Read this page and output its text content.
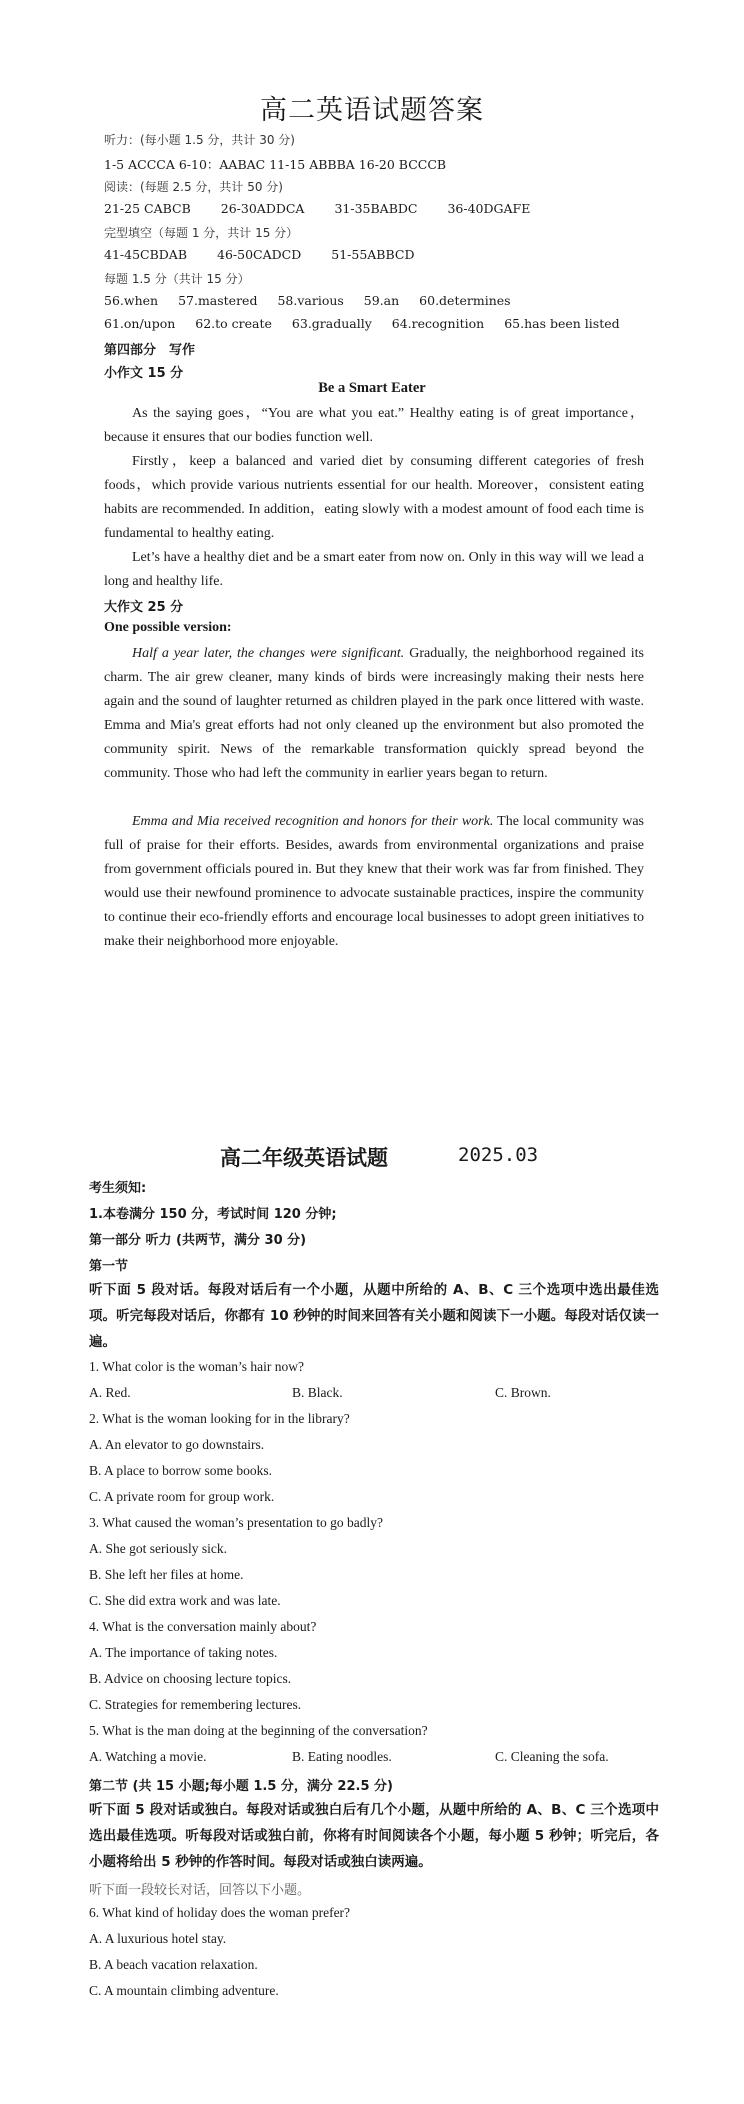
高二英语试题答案
听力：(每小题 1.5 分，共计 30 分)
1-5 ACCCA 6-10：AABAC 11-15 ABBBA 16-20 BCCCB
阅读：(每题 2.5 分，共计 50 分)
21-25 CABCB 26-30ADDCA 31-35BABDC 36-40DGAFE
完型填空（每题 1 分，共计 15 分）
41-45CBDAB 46-50CADCD 51-55ABBCD
每题 1.5 分（共计 15 分）
56.when 57.mastered 58.various 59.an 60.determines
61.on/upon 62.to create 63.gradually 64.recognition 65.has been listed
第四部分　写作
小作文 15 分
Be a Smart Eater
As the saying goes，“You are what you eat.” Healthy eating is of great importance，because it ensures that our bodies function well.
Firstly，keep a balanced and varied diet by consuming different categories of fresh foods，which provide various nutrients essential for our health. Moreover，consistent eating habits are recommended. In addition，eating slowly with a modest amount of food each time is fundamental to healthy eating.
Let’s have a healthy diet and be a smart eater from now on. Only in this way will we lead a long and healthy life.
大作文 25 分
One possible version:
Half a year later, the changes were significant. Gradually, the neighborhood regained its charm. The air grew cleaner, many kinds of birds were increasingly making their nests here again and the sound of laughter returned as children played in the park once littered with waste. Emma and Mia's great efforts had not only cleaned up the environment but also promoted the community spirit. News of the remarkable transformation quickly spread beyond the community. Those who had left the community in earlier years began to return.
Emma and Mia received recognition and honors for their work. The local community was full of praise for their efforts. Besides, awards from environmental organizations and praise from government officials poured in. But they knew that their work was far from finished. They would use their newfound prominence to advocate sustainable practices, inspire the community to continue their eco-friendly efforts and encourage local businesses to adopt green initiatives to make their neighborhood more enjoyable.
高二年级英语试题	2025.03
考生须知:
1.本卷满分 150 分，考试时间 120 分钟;
第一部分 听力 (共两节，满分 30 分)
第一节
听下面 5 段对话。每段对话后有一个小题，从题中所给的 A、B、C 三个选项中选出最佳选项。听完每段对话后，你都有 10 秒钟的时间来回答有关小题和阅读下一小题。每段对话仅读一遍。
1. What color is the woman’s hair now?
A. Red.	B. Black.	C. Brown.
2. What is the woman looking for in the library?
A. An elevator to go downstairs.
B. A place to borrow some books.
C. A private room for group work.
3. What caused the woman’s presentation to go badly?
A. She got seriously sick.
B. She left her files at home.
C. She did extra work and was late.
4. What is the conversation mainly about?
A. The importance of taking notes.
B. Advice on choosing lecture topics.
C. Strategies for remembering lectures.
5. What is the man doing at the beginning of the conversation?
A. Watching a movie.	B. Eating noodles.	C. Cleaning the sofa.
第二节 (共 15 小题;每小题 1.5 分，满分 22.5 分)
听下面 5 段对话或独白。每段对话或独白后有几个小题，从题中所给的 A、B、C 三个选项中选出最佳选项。听每段对话或独白前，你将有时间阅读各个小题，每小题 5 秒钟；听完后，各小题将给出 5 秒钟的作答时间。每段对话或独白读两遍。
听下面一段较长对话，回答以下小题。
6. What kind of holiday does the woman prefer?
A. A luxurious hotel stay.
B. A beach vacation relaxation.
C. A mountain climbing adventure.
